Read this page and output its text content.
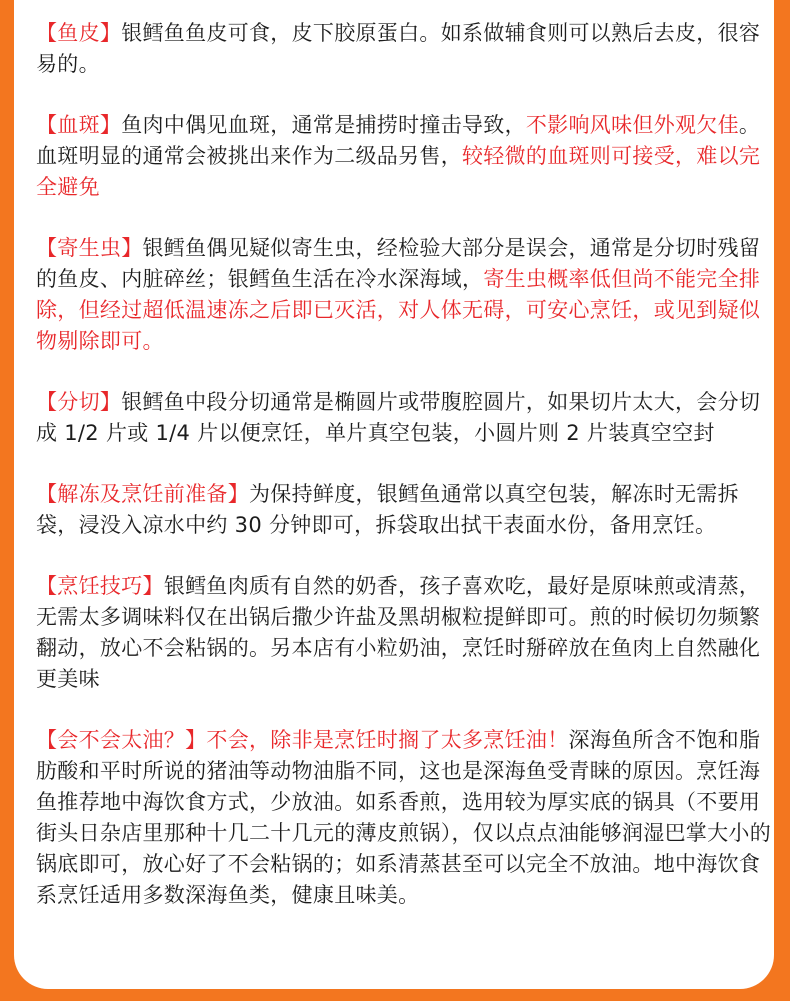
【鱼皮】银鳕鱼鱼皮可食，皮下胶原蛋白。如系做辅食则可以熟后去皮，很容易的。

【血斑】鱼肉中偶见血斑，通常是捕捞时撞击导致，不影响风味但外观欠佳。血斑明显的通常会被挑出来作为二级品另售，较轻微的血斑则可接受，难以完全避免

【寄生虫】银鳕鱼偶见疑似寄生虫，经检验大部分是误会，通常是分切时残留的鱼皮、内脏碎丝；银鳕鱼生活在冷水深海域，寄生虫概率低但尚不能完全排除，但经过超低温速冻之后即已灭活，对人体无碍，可安心烹饪，或见到疑似物剔除即可。

【分切】银鳕鱼中段分切通常是椭圆片或带腹腔圆片，如果切片太大，会分切成 1/2 片或 1/4 片以便烹饪，单片真空包装，小圆片则 2 片装真空空封

【解冻及烹饪前准备】为保持鲜度，银鳕鱼通常以真空包装，解冻时无需拆袋，浸没入凉水中约 30 分钟即可，拆袋取出拭干表面水份，备用烹饪。

【烹饪技巧】银鳕鱼肉质有自然的奶香，孩子喜欢吃，最好是原味煎或清蒸，无需太多调味料仅在出锅后撒少许盐及黑胡椒粒提鲜即可。煎的时候切勿频繁翻动，放心不会粘锅的。另本店有小粒奶油，烹饪时掰碎放在鱼肉上自然融化更美味

【会不会太油？】不会，除非是烹饪时搁了太多烹饪油！深海鱼所含不饱和脂肪酸和平时所说的猪油等动物油脂不同，这也是深海鱼受青睐的原因。烹饪海鱼推荐地中海饮食方式，少放油。如系香煎，选用较为厚实底的锅具（不要用街头日杂店里那种十几二十几元的薄皮煎锅），仅以点点油能够润湿巴掌大小的锅底即可，放心好了不会粘锅的；如系清蒸甚至可以完全不放油。地中海饮食系烹饪适用多数深海鱼类，健康且味美。
